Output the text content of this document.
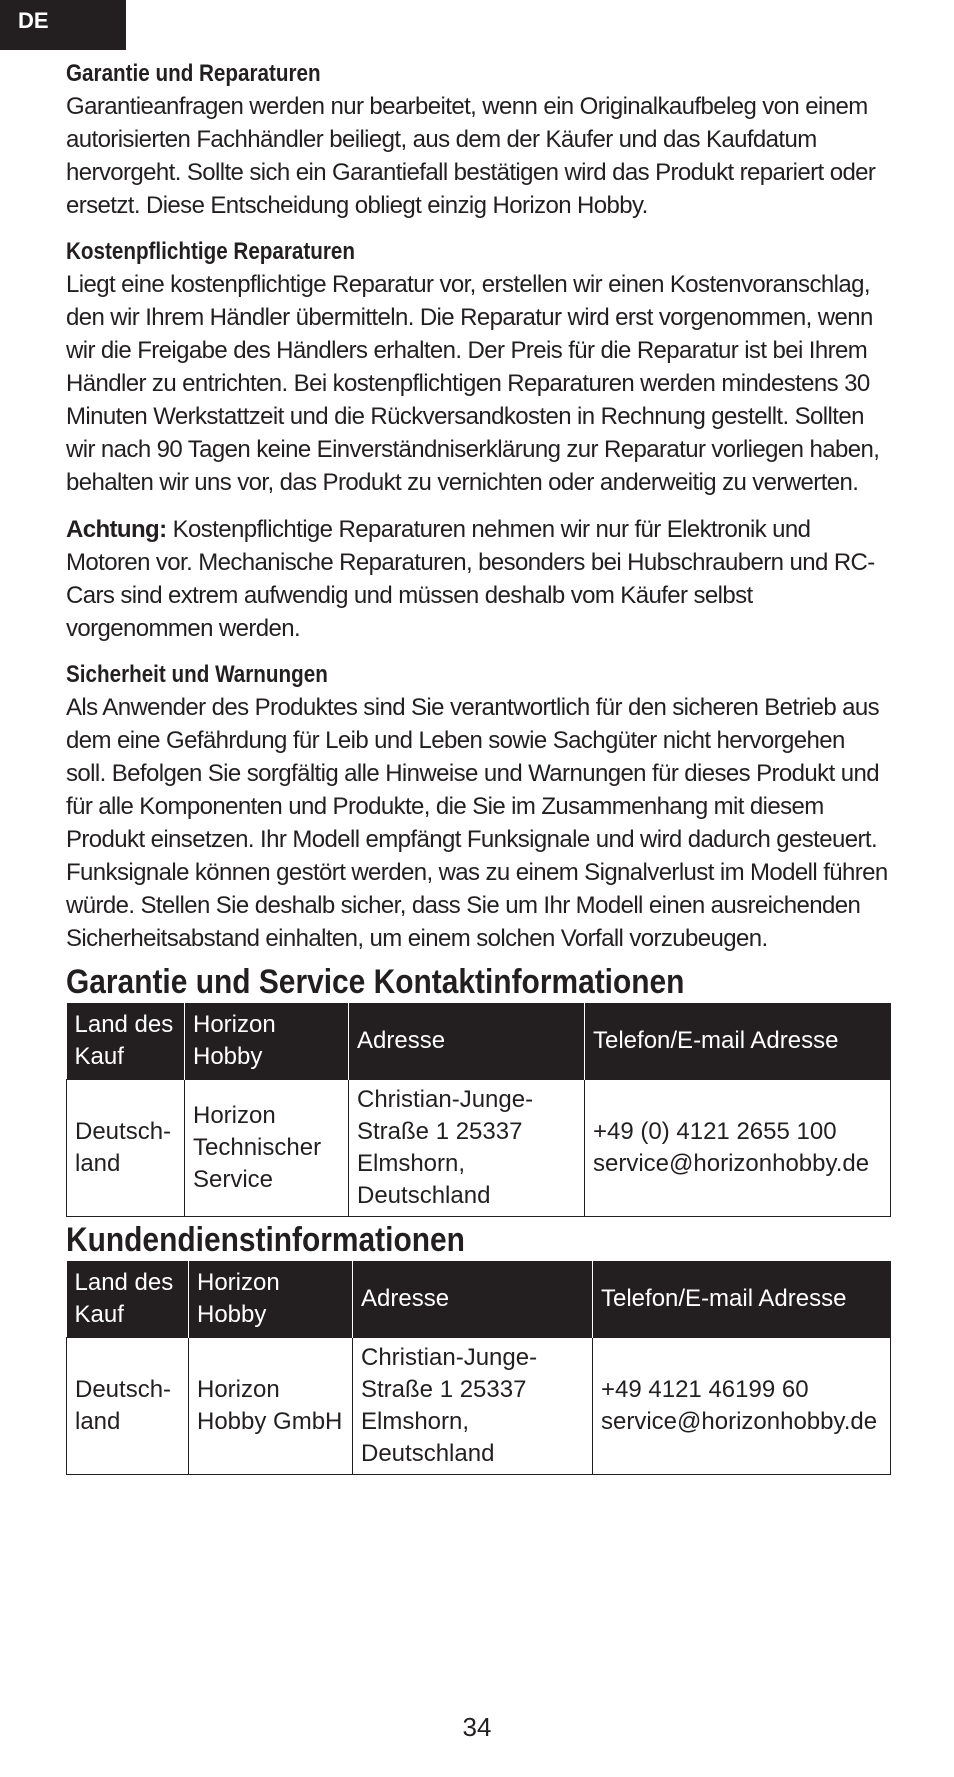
DE
Garantie und Reparaturen
Garantieanfragen werden nur bearbeitet, wenn ein Originalkaufbeleg von einem autorisierten Fachhändler beiliegt, aus dem der Käufer und das Kaufdatum hervorgeht. Sollte sich ein Garantiefall bestätigen wird das Produkt repariert oder ersetzt. Diese Entscheidung obliegt einzig Horizon Hobby.
Kostenpflichtige Reparaturen
Liegt eine kostenpflichtige Reparatur vor, erstellen wir einen Kostenvoranschlag, den wir Ihrem Händler übermitteln. Die Reparatur wird erst vorgenommen, wenn wir die Freigabe des Händlers erhalten. Der Preis für die Reparatur ist bei Ihrem Händler zu entrichten. Bei kostenpflichtigen Reparaturen werden mindestens 30 Minuten Werkstattzeit und die Rückversandkosten in Rechnung gestellt. Sollten wir nach 90 Tagen keine Einverständniserklärung zur Reparatur vorliegen haben, behalten wir uns vor, das Produkt zu vernichten oder anderweitig zu verwerten.
Achtung: Kostenpflichtige Reparaturen nehmen wir nur für Elektronik und Motoren vor. Mechanische Reparaturen, besonders bei Hubschraubern und RC-Cars sind extrem aufwendig und müssen deshalb vom Käufer selbst vorgenommen werden.
Sicherheit und Warnungen
Als Anwender des Produktes sind Sie verantwortlich für den sicheren Betrieb aus dem eine Gefährdung für Leib und Leben sowie Sachgüter nicht hervorgehen soll. Befolgen Sie sorgfältig alle Hinweise und Warnungen für dieses Produkt und für alle Komponenten und Produkte, die Sie im Zusammenhang mit diesem Produkt einsetzen. Ihr Modell empfängt Funksignale und wird dadurch gesteuert. Funksignale können gestört werden, was zu einem Signalverlust im Modell führen würde. Stellen Sie deshalb sicher, dass Sie um Ihr Modell einen ausreichenden Sicherheitsabstand einhalten, um einem solchen Vorfall vorzubeugen.
Garantie und Service Kontaktinformationen
Land des Kauf	Horizon Hobby	Adresse	Telefon/E-mail Adresse
Deutsch-land	Horizon Technischer Service	Christian-Junge-Straße 1 25337 Elmshorn, Deutschland	+49 (0) 4121 2655 100 service@horizonhobby.de
Kundendienstinformationen
Land des Kauf	Horizon Hobby	Adresse	Telefon/E-mail Adresse
Deutsch-land	Horizon Hobby GmbH	Christian-Junge-Straße 1 25337 Elmshorn, Deutschland	+49 4121 46199 60 service@horizonhobby.de
34
